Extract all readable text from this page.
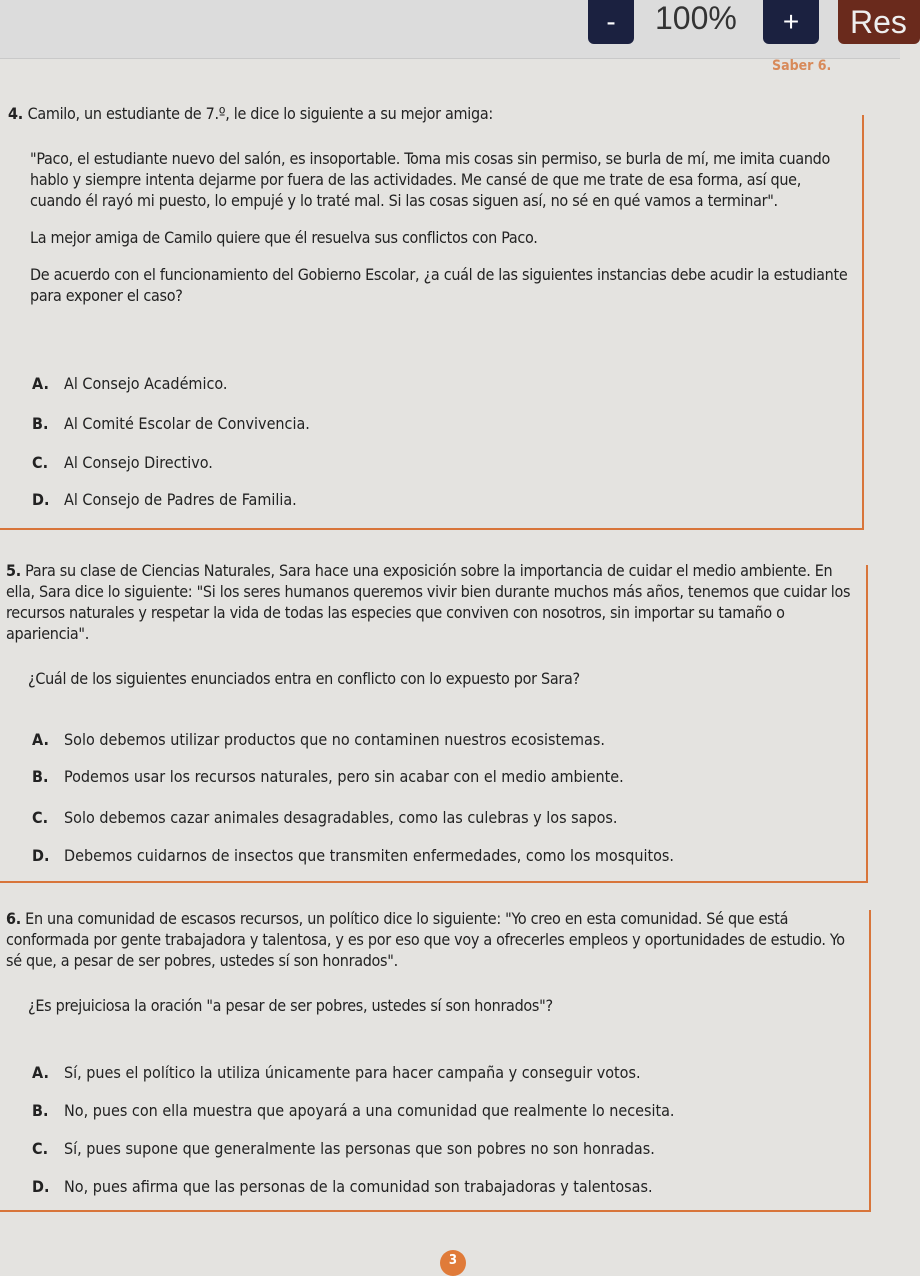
-	100%	+	Res
Saber 6.

4. Camilo, un estudiante de 7.º, le dice lo siguiente a su mejor amiga:

"Paco, el estudiante nuevo del salón, es insoportable. Toma mis cosas sin permiso, se burla de mí, me imita cuando hablo y siempre intenta dejarme por fuera de las actividades. Me cansé de que me trate de esa forma, así que, cuando él rayó mi puesto, lo empujé y lo traté mal. Si las cosas siguen así, no sé en qué vamos a terminar".

La mejor amiga de Camilo quiere que él resuelva sus conflictos con Paco.

De acuerdo con el funcionamiento del Gobierno Escolar, ¿a cuál de las siguientes instancias debe acudir la estudiante para exponer el caso?

A. Al Consejo Académico.
B. Al Comité Escolar de Convivencia.
C. Al Consejo Directivo.
D. Al Consejo de Padres de Familia.

5. Para su clase de Ciencias Naturales, Sara hace una exposición sobre la importancia de cuidar el medio ambiente. En ella, Sara dice lo siguiente: "Si los seres humanos queremos vivir bien durante muchos más años, tenemos que cuidar los recursos naturales y respetar la vida de todas las especies que conviven con nosotros, sin importar su tamaño o apariencia".

¿Cuál de los siguientes enunciados entra en conflicto con lo expuesto por Sara?

A. Solo debemos utilizar productos que no contaminen nuestros ecosistemas.
B. Podemos usar los recursos naturales, pero sin acabar con el medio ambiente.
C. Solo debemos cazar animales desagradables, como las culebras y los sapos.
D. Debemos cuidarnos de insectos que transmiten enfermedades, como los mosquitos.

6. En una comunidad de escasos recursos, un político dice lo siguiente: "Yo creo en esta comunidad. Sé que está conformada por gente trabajadora y talentosa, y es por eso que voy a ofrecerles empleos y oportunidades de estudio. Yo sé que, a pesar de ser pobres, ustedes sí son honrados".

¿Es prejuiciosa la oración "a pesar de ser pobres, ustedes sí son honrados"?

A. Sí, pues el político la utiliza únicamente para hacer campaña y conseguir votos.
B. No, pues con ella muestra que apoyará a una comunidad que realmente lo necesita.
C. Sí, pues supone que generalmente las personas que son pobres no son honradas.
D. No, pues afirma que las personas de la comunidad son trabajadoras y talentosas.
3
